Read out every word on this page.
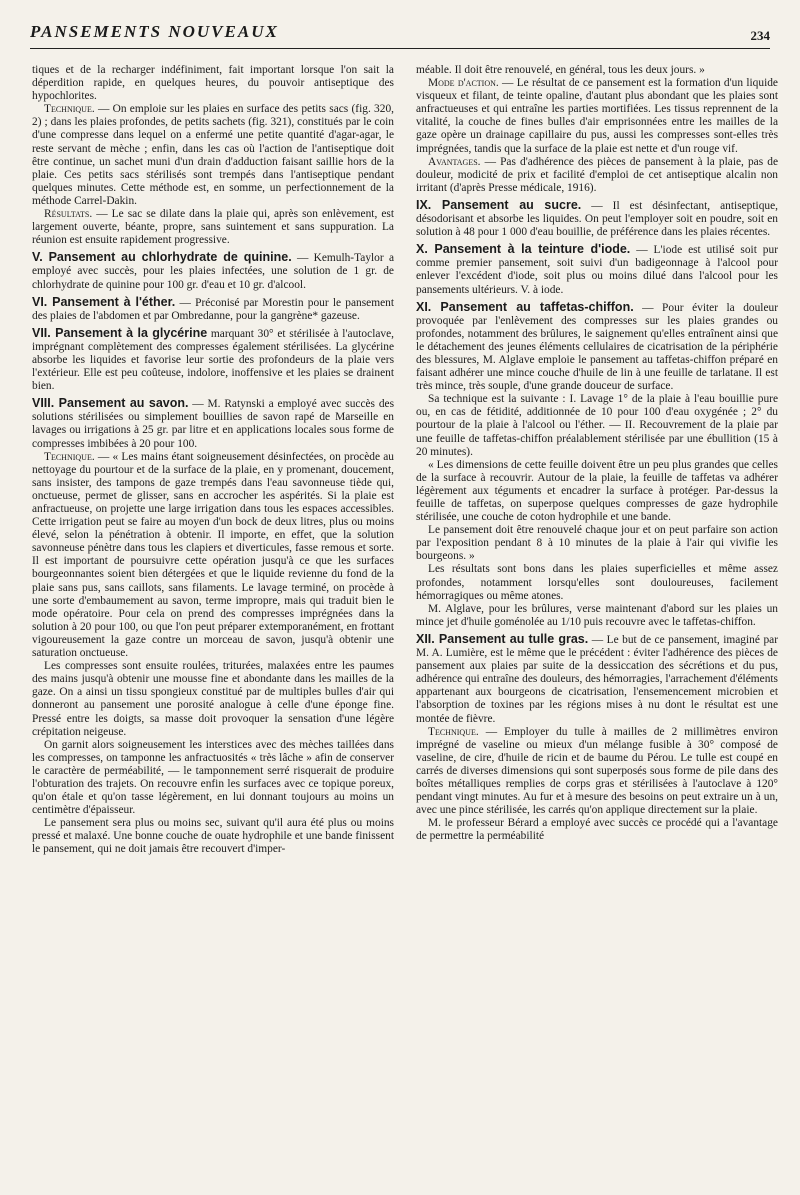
PANSEMENTS NOUVEAUX	234

tiques et de la recharger indéfiniment, fait important lorsque l'on sait la déperdition rapide, en quelques heures, du pouvoir antiseptique des hypochlorites.

Technique. — On emploie sur les plaies en surface des petits sacs (fig. 320, 2) ; dans les plaies profondes, de petits sachets (fig. 321), constitués par le coin d'une compresse dans lequel on a enfermé une petite quantité d'agar-agar, le reste servant de mèche ; enfin, dans les cas où l'action de l'antiseptique doit être continue, un sachet muni d'un drain d'adduction faisant saillie hors de la plaie. Ces petits sacs stérilisés sont trempés dans l'antiseptique pendant quelques minutes. Cette méthode est, en somme, un perfectionnement de la méthode Carrel-Dakin.

Résultats. — Le sac se dilate dans la plaie qui, après son enlèvement, est largement ouverte, béante, propre, sans suintement et sans suppuration. La réunion est ensuite rapidement progressive.

V. Pansement au chlorhydrate de quinine. — Kemulh-Taylor a employé avec succès, pour les plaies infectées, une solution de 1 gr. de chlorhydrate de quinine pour 100 gr. d'eau et 10 gr. d'alcool.
VI. Pansement à l'éther. — Préconisé par Morestin pour le pansement des plaies de l'abdomen et par Ombredanne, pour la gangrène* gazeuse.
VII. Pansement à la glycérine marquant 30° et stérilisée à l'autoclave, imprégnant complètement des compresses également stérilisées. La glycérine absorbe les liquides et favorise leur sortie des profondeurs de la plaie vers l'extérieur. Elle est peu coûteuse, indolore, inoffensive et les plaies se drainent bien.
VIII. Pansement au savon. — M. Ratynski a employé avec succès des solutions stérilisées ou simplement bouillies de savon rapé de Marseille en lavages ou irrigations à 25 gr. par litre et en applications locales sous forme de compresses imbibées à 20 pour 100.

Technique. — « Les mains étant soigneusement désinfectées, on procède au nettoyage du pourtour et de la surface de la plaie, en y promenant, doucement, sans insister, des tampons de gaze trempés dans l'eau savonneuse tiède qui, onctueuse, permet de glisser, sans en accrocher les aspérités. Si la plaie est anfractueuse, on projette une large irrigation dans tous les espaces accessibles. Cette irrigation peut se faire au moyen d'un bock de deux litres, plus ou moins élevé, selon la pénétration à obtenir. Il importe, en effet, que la solution savonneuse pénètre dans tous les clapiers et diverticules, fasse remous et sorte. Il est important de poursuivre cette opération jusqu'à ce que les surfaces bourgeonnantes soient bien détergées et que le liquide revienne du fond de la plaie sans pus, sans caillots, sans filaments. Le lavage terminé, on procède à une sorte d'embaumement au savon, terme impropre, mais qui traduit bien le mode opératoire. Pour cela on prend des compresses imprégnées dans la solution à 20 pour 100, ou que l'on peut préparer extemporanément, en frottant vigoureusement la gaze contre un morceau de savon, jusqu'à obtenir une saturation onctueuse.

Les compresses sont ensuite roulées, triturées, malaxées entre les paumes des mains jusqu'à obtenir une mousse fine et abondante dans les mailles de la gaze. On a ainsi un tissu spongieux constitué par de multiples bulles d'air qui donneront au pansement une porosité analogue à celle d'une éponge fine. Pressé entre les doigts, sa masse doit provoquer la sensation d'une légère crépitation neigeuse.

On garnit alors soigneusement les interstices avec des mèches taillées dans les compresses, on tamponne les anfractuosités « très lâche » afin de conserver le caractère de perméabilité, — le tamponnement serré risquerait de produire l'obturation des trajets. On recouvre enfin les surfaces avec ce topique poreux, qu'on étale et qu'on tasse légèrement, en lui donnant toujours au moins un centimètre d'épaisseur.

Le pansement sera plus ou moins sec, suivant qu'il aura été plus ou moins pressé et malaxé. Une bonne couche de ouate hydrophile et une bande finissent le pansement, qui ne doit jamais être recouvert d'imper-

méable. Il doit être renouvelé, en général, tous les deux jours. »

Mode d'action. — Le résultat de ce pansement est la formation d'un liquide visqueux et filant, de teinte opaline, d'autant plus abondant que les plaies sont anfractueuses et qui entraîne les parties mortifiées. Les tissus reprennent de la vitalité, la couche de fines bulles d'air emprisonnées entre les mailles de la gaze opère un drainage capillaire du pus, aussi les compresses sont-elles très imprégnées, tandis que la surface de la plaie est nette et d'un rouge vif.

Avantages. — Pas d'adhérence des pièces de pansement à la plaie, pas de douleur, modicité de prix et facilité d'emploi de cet antiseptique alcalin non irritant (d'après Presse médicale, 1916).

IX. Pansement au sucre. — Il est désinfectant, antiseptique, désodorisant et absorbe les liquides. On peut l'employer soit en poudre, soit en solution à 48 pour 1 000 d'eau bouillie, de préférence dans les plaies récentes.
X. Pansement à la teinture d'iode. — L'iode est utilisé soit pur comme premier pansement, soit suivi d'un badigeonnage à l'alcool pour enlever l'excédent d'iode, soit plus ou moins dilué dans l'alcool pour les pansements ultérieurs. V. à iode.
XI. Pansement au taffetas-chiffon. — Pour éviter la douleur provoquée par l'enlèvement des compresses sur les plaies grandes ou profondes, notamment des brûlures, le saignement qu'elles entraînent ainsi que le détachement des jeunes éléments cellulaires de cicatrisation de la périphérie des blessures, M. Alglave emploie le pansement au taffetas-chiffon préparé en faisant adhérer une mince couche d'huile de lin à une feuille de tarlatane. Il est très mince, très souple, d'une grande douceur de surface.

Sa technique est la suivante : I. Lavage 1° de la plaie à l'eau bouillie pure ou, en cas de fétidité, additionnée de 10 pour 100 d'eau oxygénée ; 2° du pourtour de la plaie à l'alcool ou l'éther. — II. Recouvrement de la plaie par une feuille de taffetas-chiffon préalablement stérilisée par une ébullition (15 à 20 minutes).

« Les dimensions de cette feuille doivent être un peu plus grandes que celles de la surface à recouvrir. Autour de la plaie, la feuille de taffetas va adhérer légèrement aux téguments et encadrer la surface à protéger. Par-dessus la feuille de taffetas, on superpose quelques compresses de gaze hydrophile stérilisée, une couche de coton hydrophile et une bande.

Le pansement doit être renouvelé chaque jour et on peut parfaire son action par l'exposition pendant 8 à 10 minutes de la plaie à l'air qui vivifie les bourgeons. »

Les résultats sont bons dans les plaies superficielles et même assez profondes, notamment lorsqu'elles sont douloureuses, facilement hémorragiques ou même atones.

M. Alglave, pour les brûlures, verse maintenant d'abord sur les plaies un mince jet d'huile goménolée au 1/10 puis recouvre avec le taffetas-chiffon.

XII. Pansement au tulle gras. — Le but de ce pansement, imaginé par M. A. Lumière, est le même que le précédent : éviter l'adhérence des pièces de pansement aux plaies par suite de la dessiccation des sécrétions et du pus, adhérence qui entraîne des douleurs, des hémorragies, l'arrachement d'éléments appartenant aux bourgeons de cicatrisation, l'ensemencement microbien et l'absorption de toxines par les régions mises à nu dont le résultat est une montée de fièvre.

Technique. — Employer du tulle à mailles de 2 millimètres environ imprégné de vaseline ou mieux d'un mélange fusible à 30° composé de vaseline, de cire, d'huile de ricin et de baume du Pérou. Le tulle est coupé en carrés de diverses dimensions qui sont superposés sous forme de pile dans des boîtes métalliques remplies de corps gras et stérilisées à l'autoclave à 120° pendant vingt minutes. Au fur et à mesure des besoins on peut extraire un à un, avec une pince stérilisée, les carrés qu'on applique directement sur la plaie.

M. le professeur Bérard a employé avec succès ce procédé qui a l'avantage de permettre la perméabilité
